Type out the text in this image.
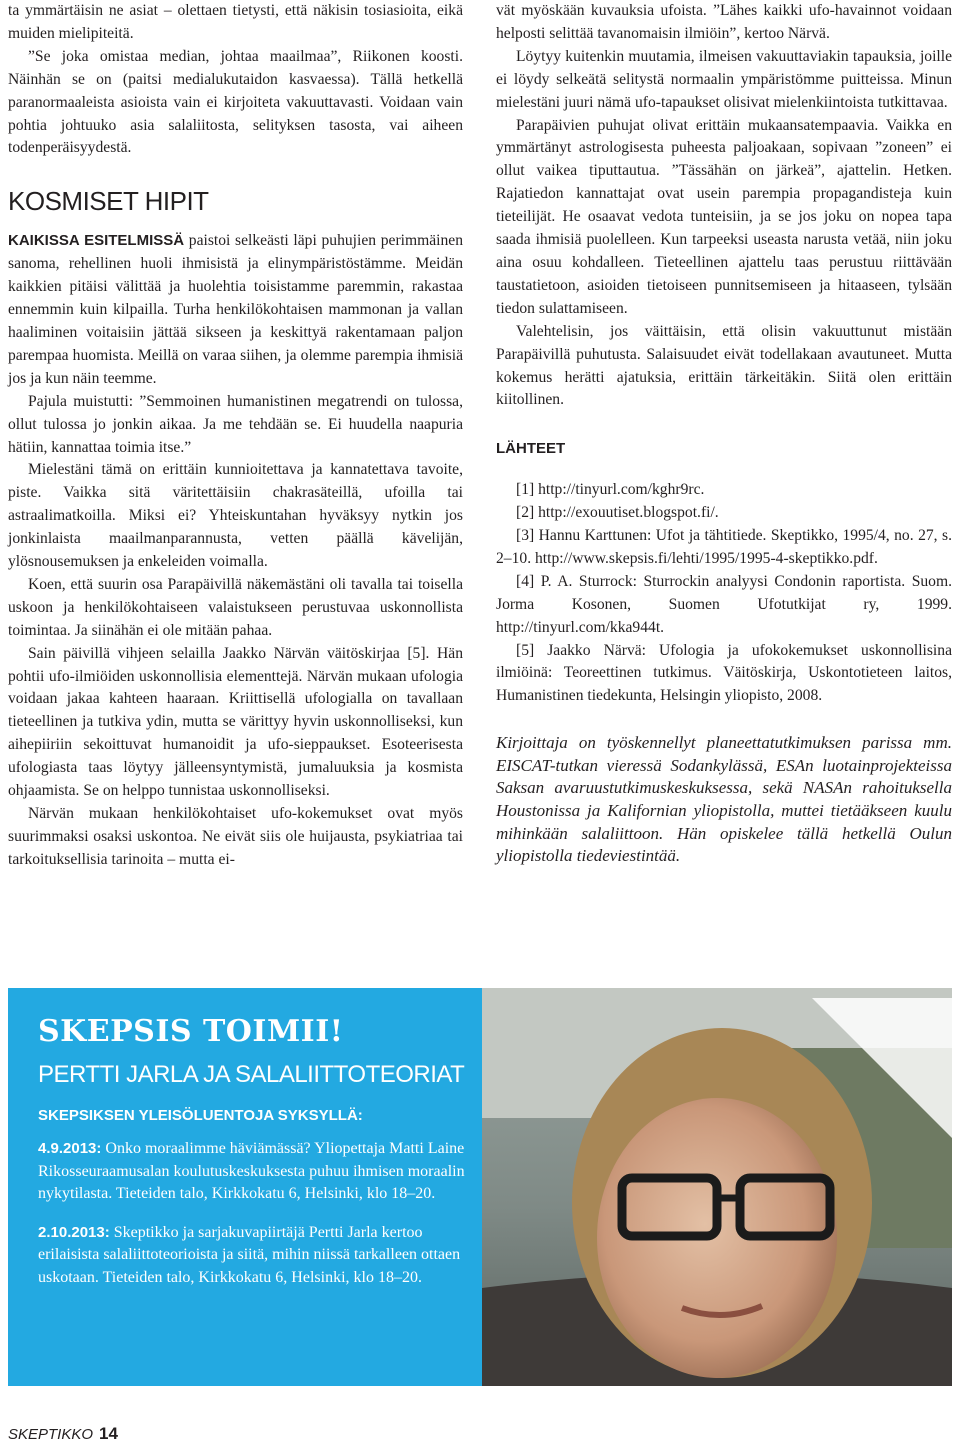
ta ymmärtäisin ne asiat – olettaen tietysti, että näkisin tosiasioita, eikä muiden mielipiteitä.

”Se joka omistaa median, johtaa maailmaa”, Riikonen koosti. Näinhän se on (paitsi medialukutaidon kasvaessa). Tällä hetkellä paranormaaleista asioista vain ei kirjoiteta vakuuttavasti. Voidaan vain pohtia johtuuko asia salaliitosta, selityksen tasosta, vai aiheen todenperäisyydestä.

KOSMISET HIPIT

KAIKISSA ESITELMISSÄ paistoi selkeästi läpi puhujien perimmäinen sanoma, rehellinen huoli ihmisistä ja elinympäristöstämme. Meidän kaikkien pitäisi välittää ja huolehtia toisistamme paremmin, rakastaa ennemmin kuin kilpailla. Turha henkilökohtaisen mammonan ja vallan haaliminen voitaisiin jättää sikseen ja keskittyä rakentamaan paljon parempaa huomista. Meillä on varaa siihen, ja olemme parempia ihmisiä jos ja kun näin teemme.

Pajula muistutti: ”Semmoinen humanistinen megatrendi on tulossa, ollut tulossa jo jonkin aikaa. Ja me tehdään se. Ei huudella naapuria hätiin, kannattaa toimia itse.”

Mielestäni tämä on erittäin kunnioitettava ja kannatettava tavoite, piste. Vaikka sitä väritettäisiin chakrasäteillä, ufoilla tai astraalimatkoilla. Miksi ei? Yhteiskuntahan hyväksyy nytkin jos jonkinlaista maailmanparannusta, vetten päällä kävelijän, ylösnousemuksen ja enkeleiden voimalla.

Koen, että suurin osa Parapäivillä näkemästäni oli tavalla tai toisella uskoon ja henkilökohtaiseen valaistukseen perustuvaa uskonnollista toimintaa. Ja siinähän ei ole mitään pahaa.

Sain päivillä vihjeen selailla Jaakko Närvän väitöskirjaa [5]. Hän pohtii ufo-ilmiöiden uskonnollisia elementtejä. Närvän mukaan ufologia voidaan jakaa kahteen haaraan. Kriittisellä ufologialla on tavallaan tieteellinen ja tutkiva ydin, mutta se värittyy hyvin uskonnolliseksi, kun aihepiiriin sekoittuvat humanoidit ja ufo-sieppaukset. Esoteerisesta ufologiasta taas löytyy jälleensyntymistä, jumaluuksia ja kosmista ohjaamista. Se on helppo tunnistaa uskonnolliseksi.

Närvän mukaan henkilökohtaiset ufo-kokemukset ovat myös suurimmaksi osaksi uskontoa. Ne eivät siis ole huijausta, psykiatriaa tai tarkoituksellisia tarinoita – mutta ei-

vät myöskään kuvauksia ufoista. ”Lähes kaikki ufo-havainnot voidaan helposti selittää tavanomaisin ilmiöin”, kertoo Närvä.

Löytyy kuitenkin muutamia, ilmeisen vakuuttaviakin tapauksia, joille ei löydy selkeätä selitystä normaalin ympäristömme puitteissa. Minun mielestäni juuri nämä ufo-tapaukset olisivat mielenkiintoista tutkittavaa.

Parapäivien puhujat olivat erittäin mukaansatempaavia. Vaikka en ymmärtänyt astrologisesta puheesta paljoakaan, sopivaan ”zoneen” ei ollut vaikea tiputtautua. ”Tässähän on järkeä”, ajattelin. Hetken. Rajatiedon kannattajat ovat usein parempia propagandisteja kuin tieteilijät. He osaavat vedota tunteisiin, ja se jos joku on nopea tapa saada ihmisiä puolelleen. Kun tarpeeksi useasta narusta vetää, niin joku aina osuu kohdalleen. Tieteellinen ajattelu taas perustuu riittävään taustatietoon, asioiden tietoiseen punnitsemiseen ja hitaaseen, tylsään tiedon sulattamiseen.

Valehtelisin, jos väittäisin, että olisin vakuuttunut mistään Parapäivillä puhutusta. Salaisuudet eivät todellakaan avautuneet. Mutta kokemus herätti ajatuksia, erittäin tärkeitäkin. Siitä olen erittäin kiitollinen.

LÄHTEET

[1] http://tinyurl.com/kghr9rc.

[2] http://exouutiset.blogspot.fi/.

[3] Hannu Karttunen: Ufot ja tähtitiede. Skeptikko, 1995/4, no. 27, s. 2–10. http://www.skepsis.fi/lehti/1995/1995-4-skeptikko.pdf.

[4] P. A. Sturrock: Sturrockin analyysi Condonin raportista. Suom. Jorma Kosonen, Suomen Ufotutkijat ry, 1999. http://tinyurl.com/kka944t.

[5] Jaakko Närvä: Ufologia ja ufokokemukset uskonnollisina ilmiöinä: Teoreettinen tutkimus. Väitöskirja, Uskontotieteen laitos, Humanistinen tiedekunta, Helsingin yliopisto, 2008.

Kirjoittaja on työskennellyt planeettatutkimuksen parissa mm. EISCAT-tutkan vieressä Sodankylässä, ESAn luotainprojekteissa Saksan avaruustutkimuskeskuksessa, sekä NASAn rahoituksella Houstonissa ja Kalifornian yliopistolla, muttei tietääkseen kuulu mihinkään salaliittoon. Hän opiskelee tällä hetkellä Oulun yliopistolla tiedeviestintää.
SKEPSIS TOIMII!
PERTTI JARLA JA SALALIITTOTEORIAT
SKEPSIKSEN YLEISÖLUENTOJA SYKSYLLÄ:

4.9.2013: Onko moraalimme häviämässä? Yliopettaja Matti Laine Rikosseuraamusalan koulutuskeskuksesta puhuu ihmisen moraalin nykytilasta. Tieteiden talo, Kirkkokatu 6, Helsinki, klo 18–20.

2.10.2013: Skeptikko ja sarjakuvapiirtäjä Pertti Jarla kertoo erilaisista salaliittoteorioista ja siitä, mihin niissä tarkalleen ottaen uskotaan. Tieteiden talo, Kirkkokatu 6, Helsinki, klo 18–20.

SKEPTIKKO 14
